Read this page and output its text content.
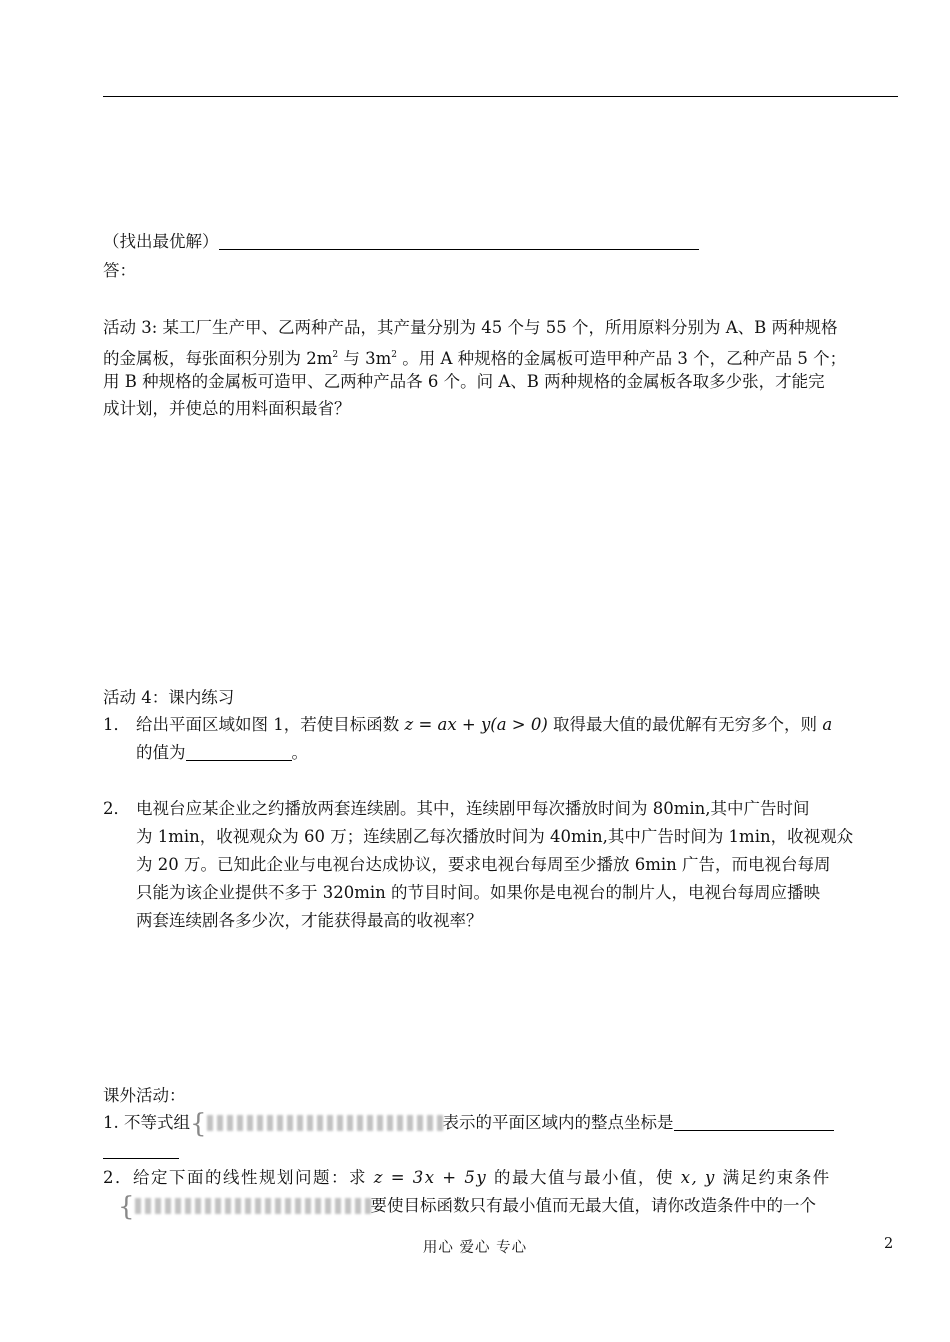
（找出最优解）
答：
活动 3: 某工厂生产甲、乙两种产品，其产量分别为 45 个与 55 个，所用原料分别为 A、B 两种规格
的金属板，每张面积分别为 $2m^2$ 与 $3m^2$ 。用 A 种规格的金属板可造甲种产品 3 个，乙种产品 5 个；
用 B 种规格的金属板可造甲、乙两种产品各 6 个。问 A、B 两种规格的金属板各取多少张，才能完
成计划，并使总的用料面积最省？
活动 4：课内练习
1． 给出平面区域如图 1，若使目标函数 z = ax + y(a > 0) 取得最大值的最优解有无穷多个，则 a
的值为	。
2． 电视台应某企业之约播放两套连续剧。其中，连续剧甲每次播放时间为 80min,其中广告时间
为 1min，收视观众为 60 万；连续剧乙每次播放时间为 40min,其中广告时间为 1min，收视观众
为 20 万。已知此企业与电视台达成协议，要求电视台每周至少播放 6min 广告，而电视台每周
只能为该企业提供不多于 320min 的节目时间。如果你是电视台的制片人，电视台每周应播映
两套连续剧各多少次，才能获得最高的收视率？
课外活动：
1. 不等式组{	表示的平面区域内的整点坐标是
2．给定下面的线性规划问题：求 z = 3x + 5y 的最大值与最小值，使 x, y 满足约束条件
{	要使目标函数只有最小值而无最大值，请你改造条件中的一个
用心 爱心 专心	2
